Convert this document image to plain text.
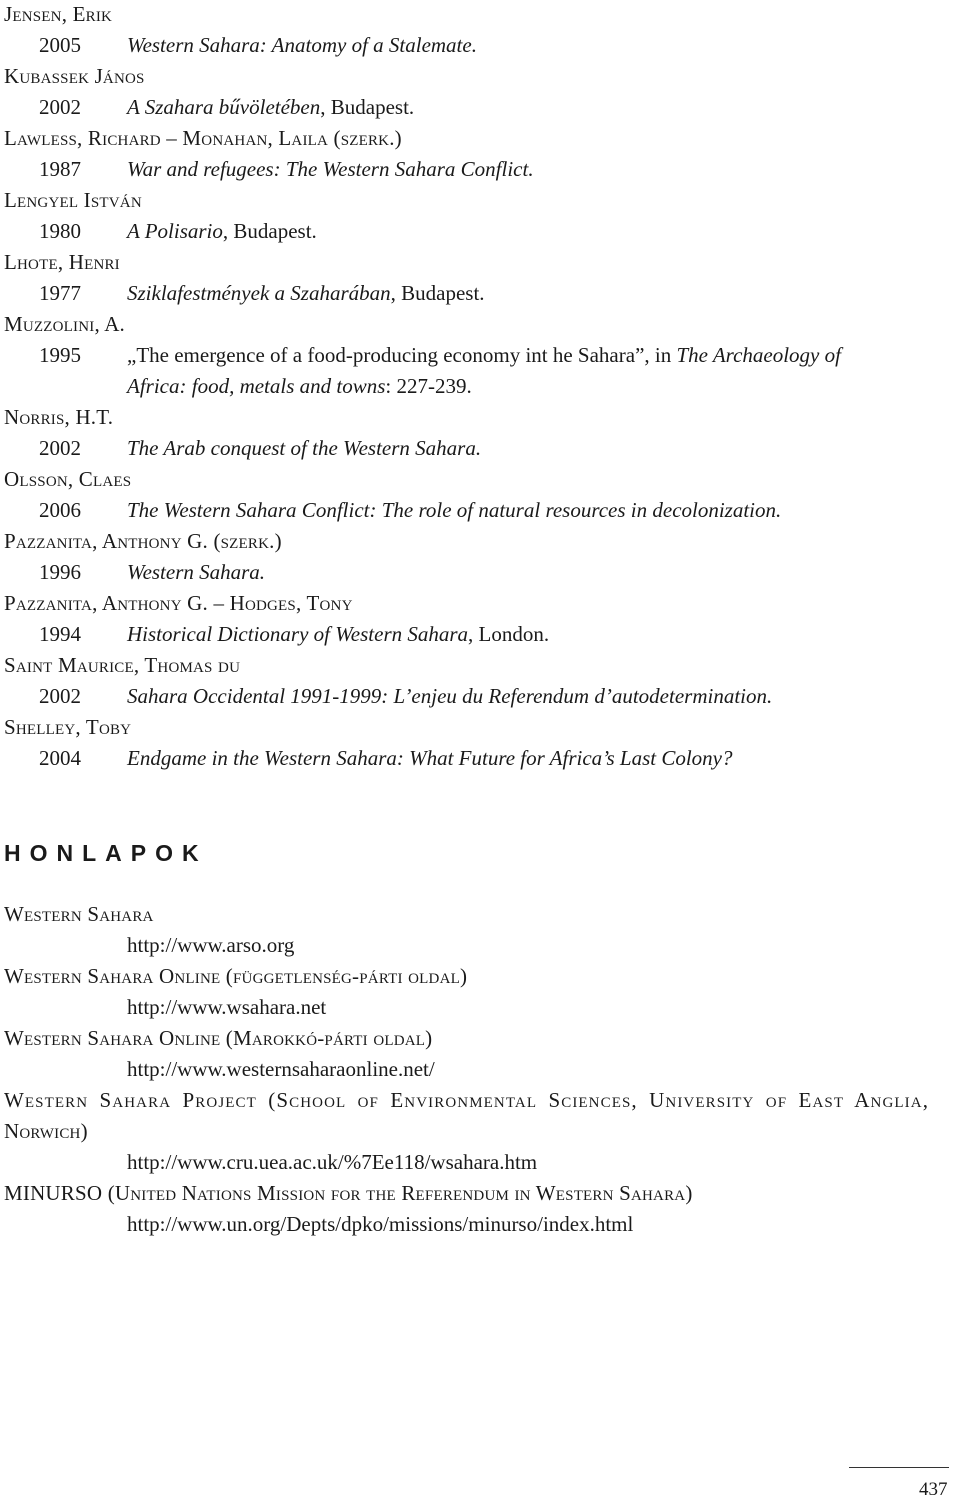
Jensen, Erik
2005 Western Sahara: Anatomy of a Stalemate.
Kubassek János
2002 A Szahara bűvöletében, Budapest.
Lawless, Richard – Monahan, Laila (szerk.)
1987 War and refugees: The Western Sahara Conflict.
Lengyel István
1980 A Polisario, Budapest.
Lhote, Henri
1977 Sziklafestmények a Szaharában, Budapest.
Muzzolini, A.
1995 „The emergence of a food-producing economy int he Sahara”, in The Archaeology of
Africa: food, metals and towns: 227-239.
Norris, H.T.
2002 The Arab conquest of the Western Sahara.
Olsson, Claes
2006 The Western Sahara Conflict: The role of natural resources in decolonization.
Pazzanita, Anthony G. (szerk.)
1996 Western Sahara.
Pazzanita, Anthony G. – Hodges, Tony
1994 Historical Dictionary of Western Sahara, London.
Saint Maurice, Thomas du
2002 Sahara Occidental 1991-1999: L’enjeu du Referendum d’autodetermination.
Shelley, Toby
2004 Endgame in the Western Sahara: What Future for Africa’s Last Colony?
HONLAPOK
Western Sahara
http://www.arso.org
Western Sahara Online (függetlenség-párti oldal)
http://www.wsahara.net
Western Sahara Online (Marokkó-párti oldal)
http://www.westernsaharaonline.net/
Western Sahara Project (School of Environmental Sciences, University of East Anglia,
Norwich)
http://www.cru.uea.ac.uk/%7Ee118/wsahara.htm
MINURSO (United Nations Mission for the Referendum in Western Sahara)
http://www.un.org/Depts/dpko/missions/minurso/index.html
437
